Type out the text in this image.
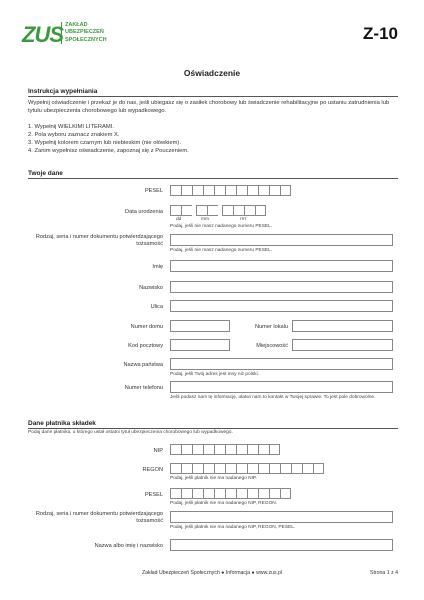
ZUS ZAKŁAD
UBEZPIECZEŃ
SPOŁECZNYCH	Z-10
Oświadczenie
Instrukcja wypełniania
Wypełnij oświadczenie i przekaż je do nas, jeśli ubiegasz się o zasiłek chorobowy lub świadczenie rehabilitacyjne po ustaniu zatrudnienia lub tytułu ubezpieczenia chorobowego lub wypadkowego.
1. Wypełnij WIELKIMI LITERAMI.
2. Pola wyboru zaznacz znakiem X.
3. Wypełnij kolorem czarnym lub niebieskim (nie ołówkiem).
4. Zanim wypełnisz oświadczenie, zapoznaj się z Pouczeniem.
Twoje dane
PESEL
Data urodzenia
dd	mm	rrrr
Podaj, jeśli nie masz nadanego numeru PESEL.
Rodzaj, seria i numer dokumentu potwierdzającego tożsamość
Podaj, jeśli nie masz nadanego numeru PESEL.
Imię
Nazwisko
Ulica
Numer domu	Numer lokalu
Kod pocztowy	Miejscowość
Nazwa państwa
Podaj, jeśli Twój adres jest inny niż polski.
Numer telefonu
Jeśli podasz nam tę informację, ułatwi nam to kontakt w Twojej sprawie. To jest pole dobrowolne.
Dane płatnika składek
Podaj dane płatnika, u którego ustał ostatni tytuł ubezpieczenia chorobowego lub wypadkowego.
NIP
REGON
Podaj, jeśli płatnik nie ma nadanego NIP.
PESEL
Podaj, jeśli płatnik nie ma nadanego NIP, REGON.
Rodzaj, seria i numer dokumentu potwierdzającego tożsamość
Podaj, jeśli płatnik nie ma nadanego NIP, REGON, PESEL.
Nazwa albo imię i nazwisko
Zakład Ubezpieczeń Społecznych ● Informacja ● www.zus.pl	Strona 1 z 4
